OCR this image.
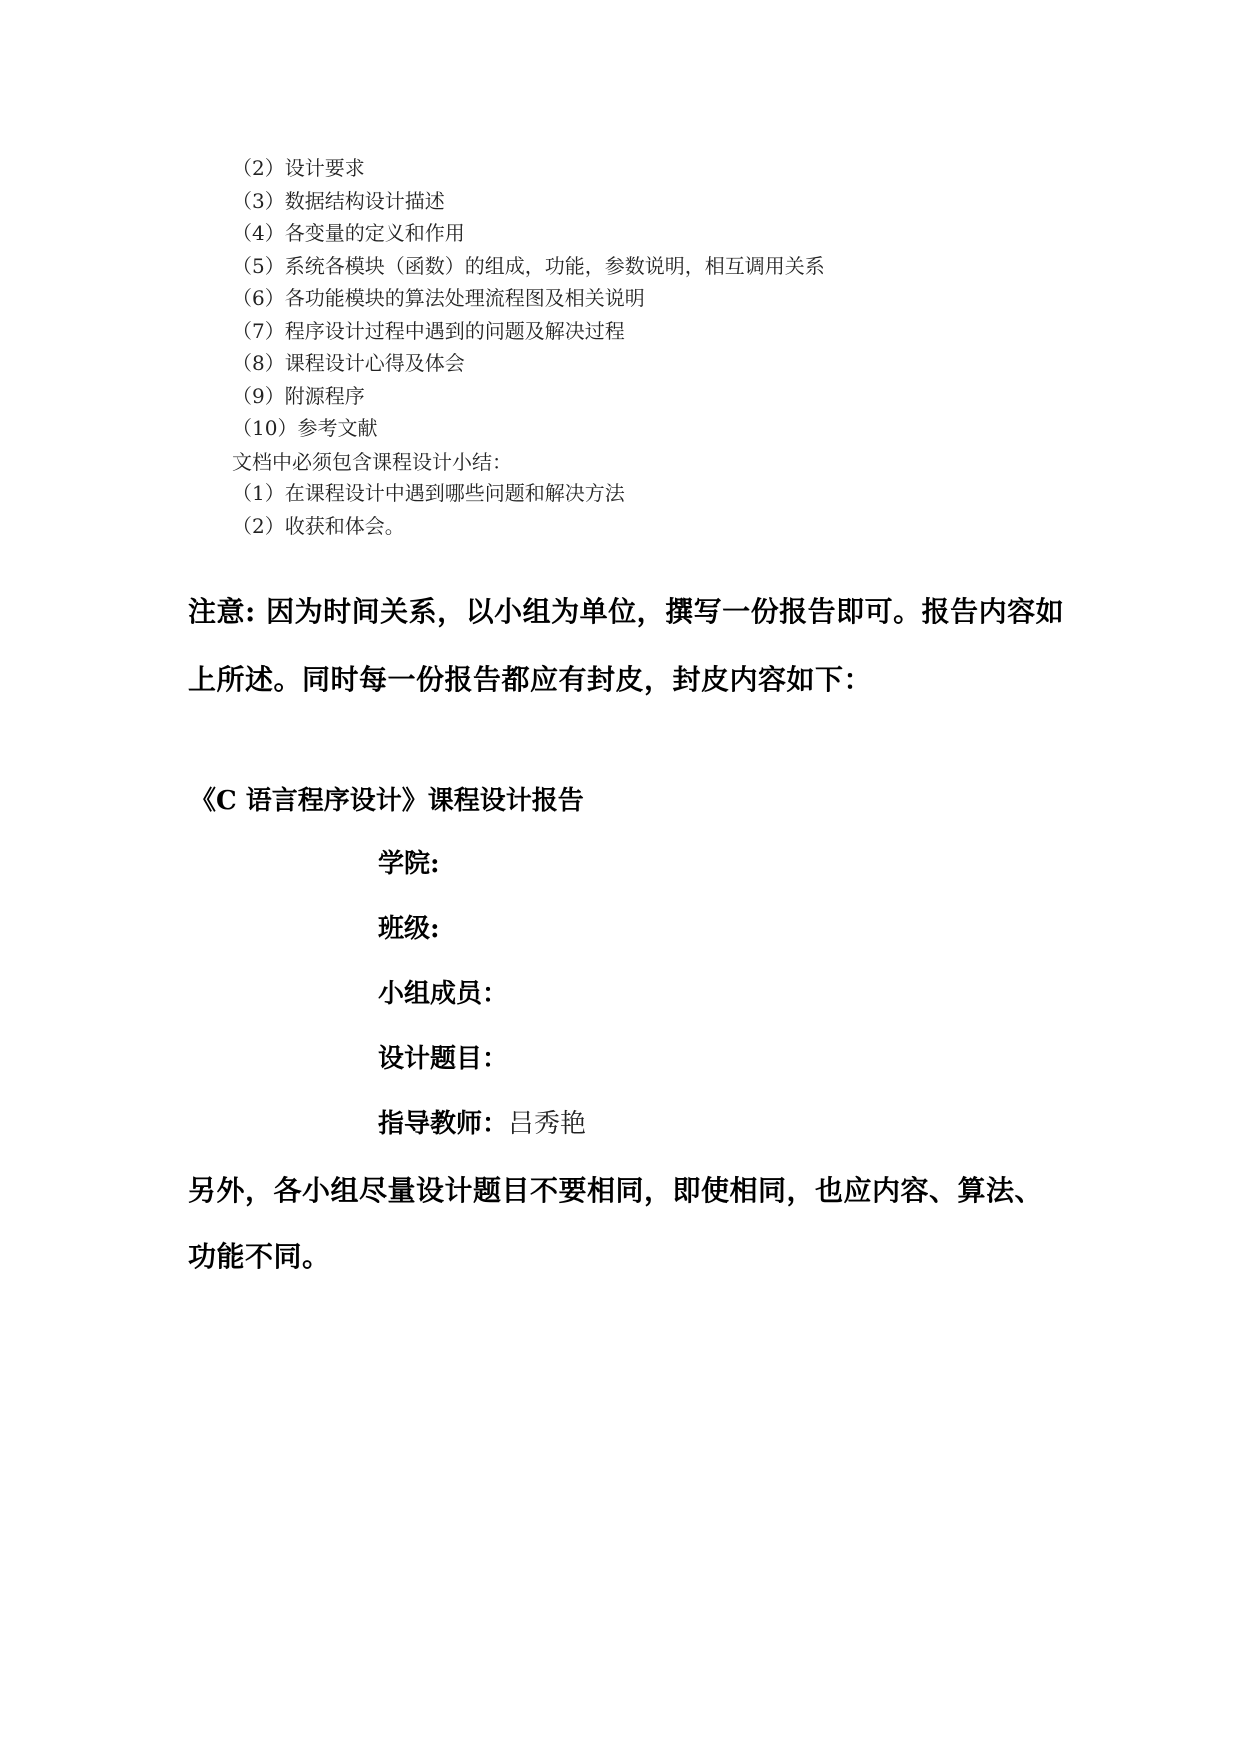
（2）设计要求
（3）数据结构设计描述
（4）各变量的定义和作用
（5）系统各模块（函数）的组成，功能，参数说明，相互调用关系
（6）各功能模块的算法处理流程图及相关说明
（7）程序设计过程中遇到的问题及解决过程
（8）课程设计心得及体会
（9）附源程序
（10）参考文献
文档中必须包含课程设计小结：
（1）在课程设计中遇到哪些问题和解决方法
（2）收获和体会。

注意: 因为时间关系，以小组为单位，撰写一份报告即可。报告内容如上所述。同时每一份报告都应有封皮，封皮内容如下：

《C 语言程序设计》课程设计报告
学院:
班级:
小组成员：
设计题目：
指导教师：吕秀艳

另外，各小组尽量设计题目不要相同，即使相同，也应内容、算法、功能不同。
